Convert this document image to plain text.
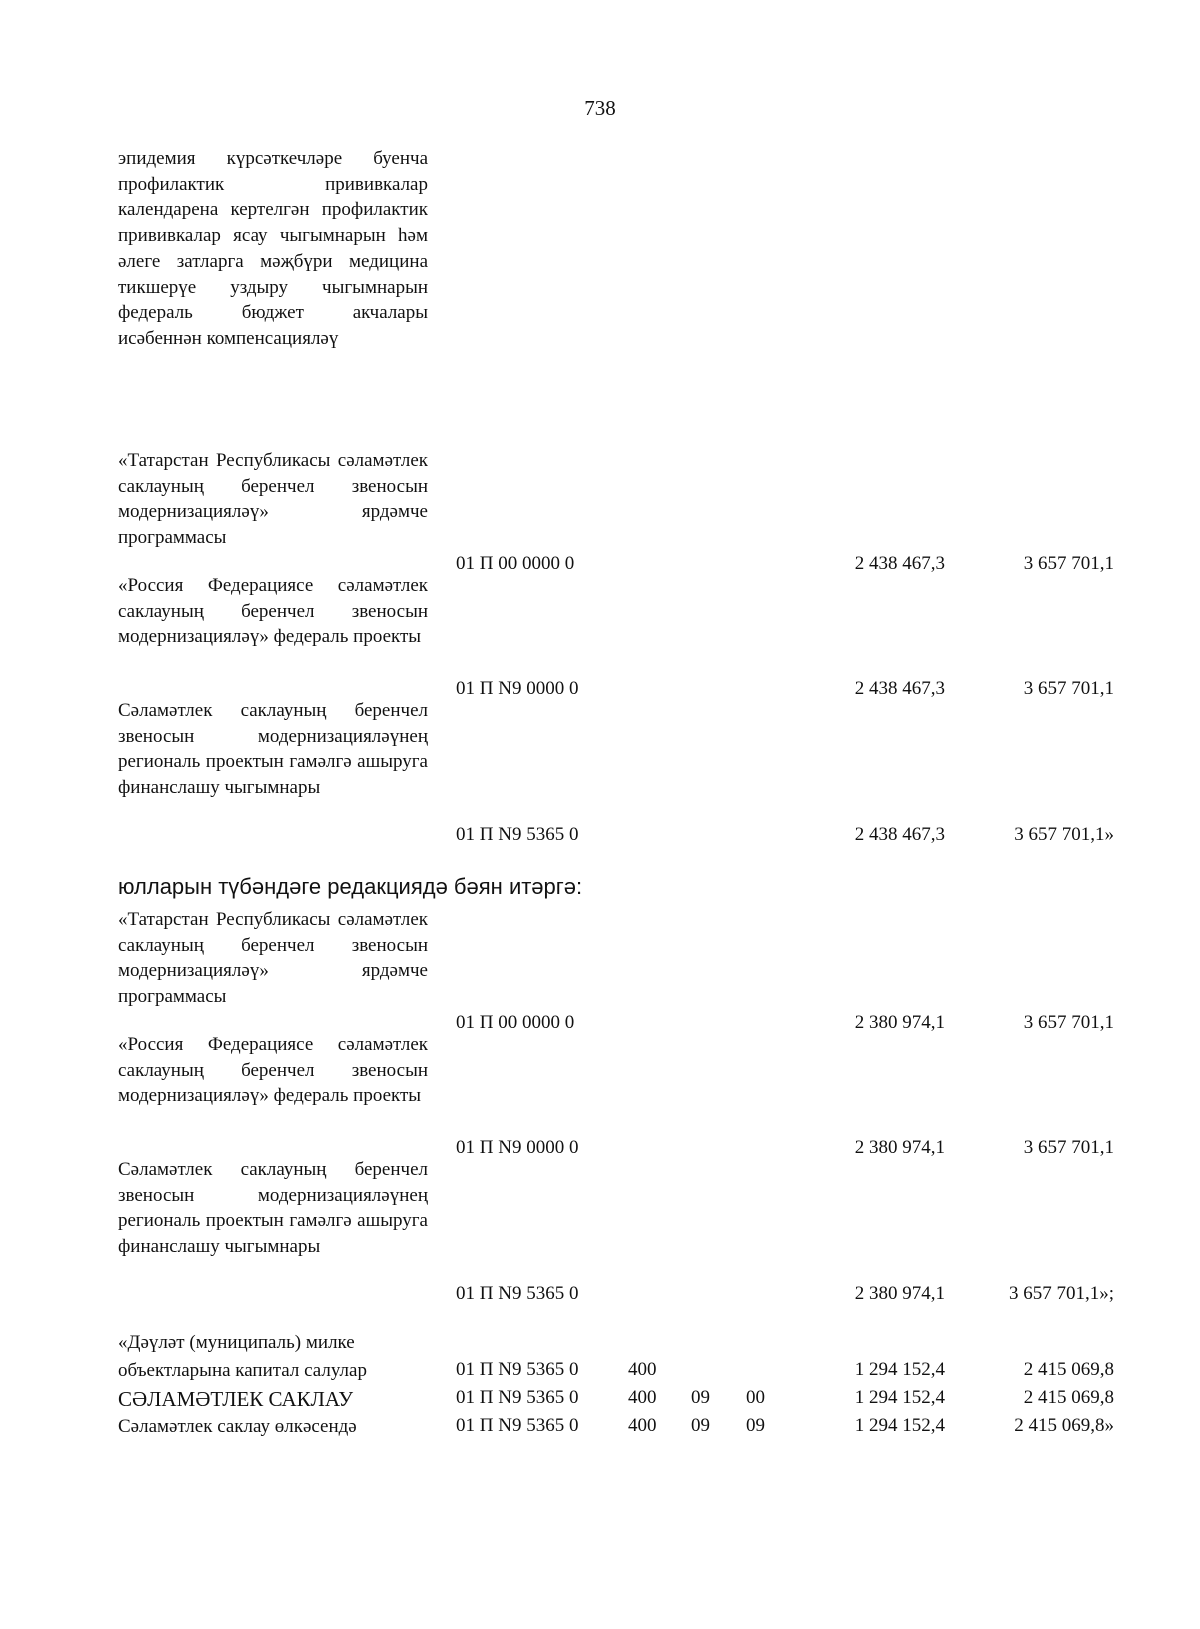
738
эпидемия күрсәткечләре буенча профилактик прививкалар календарена кертелгән профилактик прививкалар ясау чыгымнарын һәм әлеге затларга мәҗбүри медицина тикшерүе уздыру чыгымнарын федераль бюджет акчалары исәбеннән компенсацияләү
«Татарстан Республикасы сәламәтлек саклауның беренчел звеносын модернизацияләү» ярдәмче программасы
01 П 00 0000 0	2 438 467,3	3 657 701,1
«Россия Федерациясе сәламәтлек саклауның беренчел звеносын модернизацияләү» федераль проекты
01 П N9 0000 0	2 438 467,3	3 657 701,1
Сәламәтлек саклауның беренчел звеносын модернизацияләүнең региональ проектын гамәлгә ашыруга финанслашу чыгымнары
01 П N9 5365 0	2 438 467,3	3 657 701,1»
юлларын түбәндәге редакциядә бәян итәргә:
«Татарстан Республикасы сәламәтлек саклауның беренчел звеносын модернизацияләү» ярдәмче программасы
01 П 00 0000 0	2 380 974,1	3 657 701,1
«Россия Федерациясе сәламәтлек саклауның беренчел звеносын модернизацияләү» федераль проекты
01 П N9 0000 0	2 380 974,1	3 657 701,1
Сәламәтлек саклауның беренчел звеносын модернизацияләүнең региональ проектын гамәлгә ашыруга финанслашу чыгымнары
01 П N9 5365 0	2 380 974,1	3 657 701,1»;
«Дәүләт (муниципаль) милке объектларына капитал салулар	01 П N9 5365 0	400	1 294 152,4	2 415 069,8
СӘЛАМӘТЛЕК САКЛАУ	01 П N9 5365 0	400 09 00	1 294 152,4	2 415 069,8
Сәламәтлек саклау өлкәсендә	01 П N9 5365 0	400 09 09	1 294 152,4	2 415 069,8»
